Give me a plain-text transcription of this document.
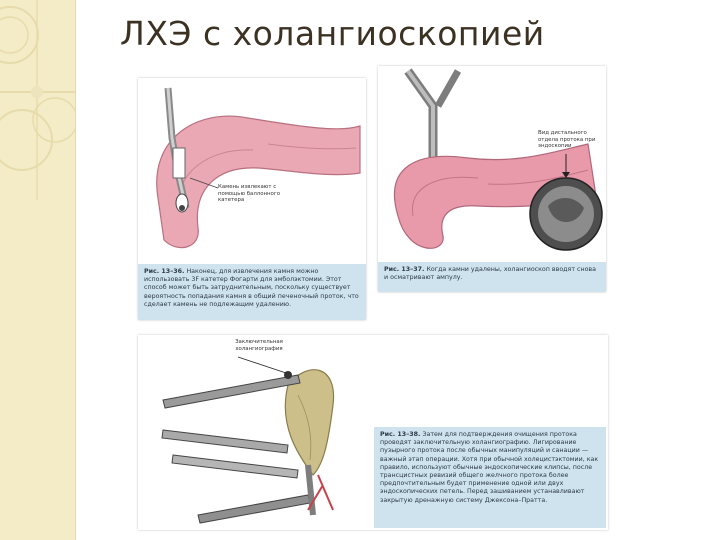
ЛХЭ с холангиоскопией
Камень извлекают с помощью баллонного катетера
Рис. 13–36. Наконец, для извлечения камня можно использовать 3F катетер Фогарти для эмболэктомии. Этот способ может быть затруднительным, поскольку существует вероятность попадания камня в общий печеночный проток, что сделает камень не подлежащим удалению.
Вид дистального отдела протока при эндоскопии
Рис. 13–37. Когда камни удалены, холангиоскоп вводят снова и осматривают ампулу.
Заключительная холангиография
Рис. 13–38. Затем для подтверждения очищения протока проводят заключительную холангиографию. Лигирование пузырного протока после обычных манипуляций и санации — важный этап операции. Хотя при обычной холецистэктомии, как правило, используют обычные эндоскопические клипсы, после трансцистных ревизий общего желчного протока более предпочтительным будет применение одной или двух эндоскопических петель. Перед зашиванием устанавливают закрытую дренажную систему Джексона–Пратта.
